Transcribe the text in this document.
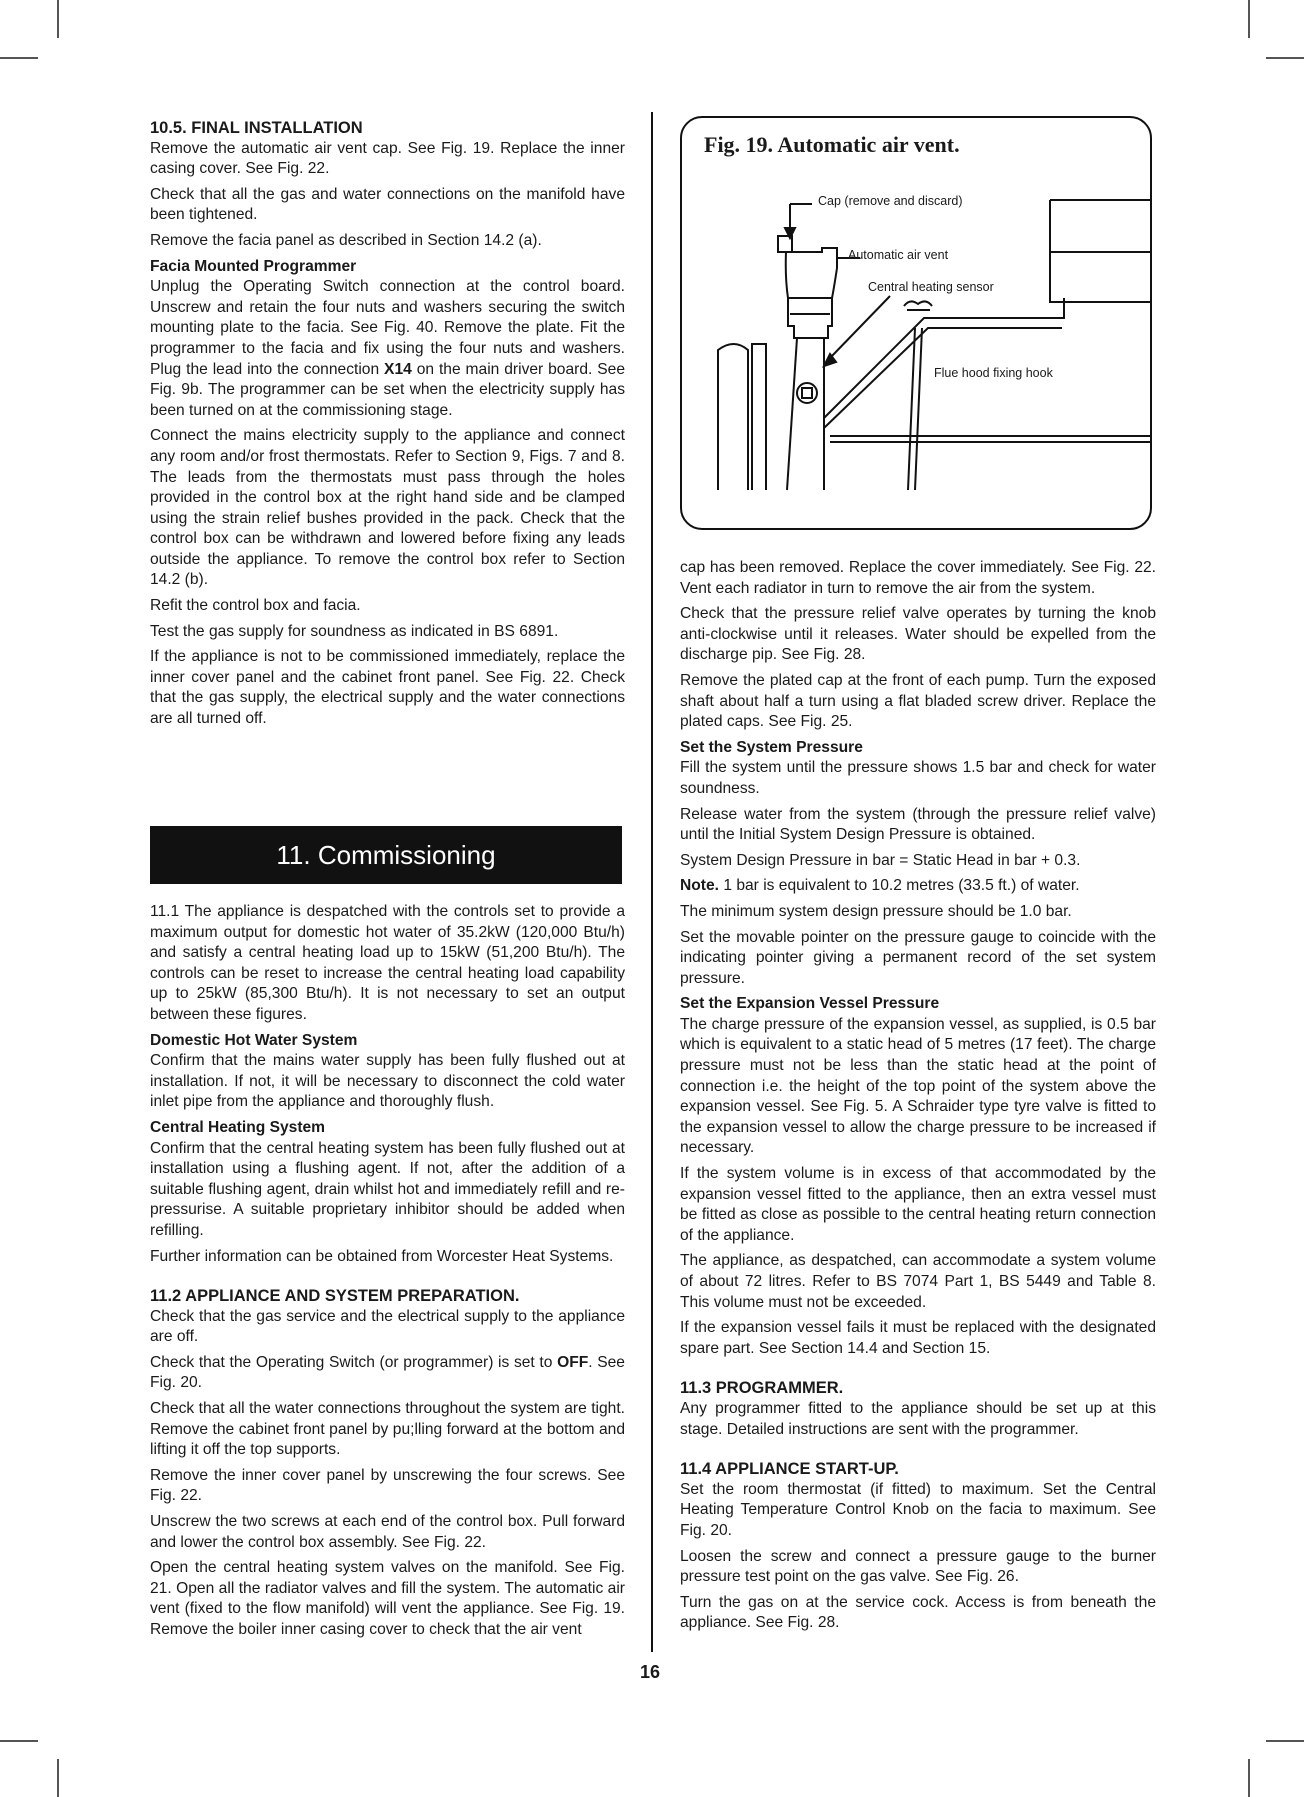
10.5. FINAL INSTALLATION

Remove the automatic air vent cap. See Fig. 19. Replace the inner casing cover. See Fig. 22.

Check that all the gas and water connections on the manifold have been tightened.

Remove the facia panel as described in Section 14.2 (a).

Facia Mounted Programmer

Unplug the Operating Switch connection at the control board. Unscrew and retain the four nuts and washers securing the switch mounting plate to the facia. See Fig. 40. Remove the plate. Fit the programmer to the facia and fix using the four nuts and washers. Plug the lead into the connection X14 on the main driver board. See Fig. 9b. The programmer can be set when the electricity supply has been turned on at the commissioning stage.

Connect the mains electricity supply to the appliance and connect any room and/or frost thermostats. Refer to Section 9, Figs. 7 and 8. The leads from the thermostats must pass through the holes provided in the control box at the right hand side and be clamped using the strain relief bushes provided in the pack. Check that the control box can be withdrawn and lowered before fixing any leads outside the appliance. To remove the control box refer to Section 14.2 (b).

Refit the control box and facia.

Test the gas supply for soundness as indicated in BS 6891.

If the appliance is not to be commissioned immediately, replace the inner cover panel and the cabinet front panel. See Fig. 22. Check that the gas supply, the electrical supply and the water connections are all turned off.

11. Commissioning

11.1 The appliance is despatched with the controls set to provide a maximum output for domestic hot water of 35.2kW (120,000 Btu/h) and satisfy a central heating load up to 15kW (51,200 Btu/h). The controls can be reset to increase the central heating load capability up to 25kW (85,300 Btu/h). It is not necessary to set an output between these figures.

Domestic Hot Water System

Confirm that the mains water supply has been fully flushed out at installation. If not, it will be necessary to disconnect the cold water inlet pipe from the appliance and thoroughly flush.

Central Heating System

Confirm that the central heating system has been fully flushed out at installation using a flushing agent. If not, after the addition of a suitable flushing agent, drain whilst hot and immediately refill and re-pressurise. A suitable proprietary inhibitor should be added when refilling.

Further information can be obtained from Worcester Heat Systems.

11.2 APPLIANCE AND SYSTEM PREPARATION.

Check that the gas service and the electrical supply to the appliance are off.

Check that the Operating Switch (or programmer) is set to OFF. See Fig. 20.

Check that all the water connections throughout the system are tight. Remove the cabinet front panel by pu;lling forward at the bottom and lifting it off the top supports.

Remove the inner cover panel by unscrewing the four screws. See Fig. 22.

Unscrew the two screws at each end of the control box. Pull forward and lower the control box assembly. See Fig. 22.

Open the central heating system valves on the manifold. See Fig. 21. Open all the radiator valves and fill the system. The automatic air vent (fixed to the flow manifold) will vent the appliance. See Fig. 19. Remove the boiler inner casing cover to check that the air vent

Fig. 19. Automatic air vent.
Cap (remove and discard)
Automatic air vent
Central heating sensor
Flue hood fixing hook

cap has been removed. Replace the cover immediately. See Fig. 22. Vent each radiator in turn to remove the air from the system.

Check that the pressure relief valve operates by turning the knob anti-clockwise until it releases. Water should be expelled from the discharge pip. See Fig. 28.

Remove the plated cap at the front of each pump. Turn the exposed shaft about half a turn using a flat bladed screw driver. Replace the plated caps. See Fig. 25.

Set the System Pressure

Fill the system until the pressure shows 1.5 bar and check for water soundness.

Release water from the system (through the pressure relief valve) until the Initial System Design Pressure is obtained.

System Design Pressure in bar = Static Head in bar + 0.3.

Note. 1 bar is equivalent to 10.2 metres (33.5 ft.) of water.

The minimum system design pressure should be 1.0 bar.

Set the movable pointer on the pressure gauge to coincide with the indicating pointer giving a permanent record of the set system pressure.

Set the Expansion Vessel Pressure

The charge pressure of the expansion vessel, as supplied, is 0.5 bar which is equivalent to a static head of 5 metres (17 feet). The charge pressure must not be less than the static head at the point of connection i.e. the height of the top point of the system above the expansion vessel. See Fig. 5. A Schraider type tyre valve is fitted to the expansion vessel to allow the charge pressure to be increased if necessary.

If the system volume is in excess of that accommodated by the expansion vessel fitted to the appliance, then an extra vessel must be fitted as close as possible to the central heating return connection of the appliance.

The appliance, as despatched, can accommodate a system volume of about 72 litres. Refer to BS 7074 Part 1, BS 5449 and Table 8. This volume must not be exceeded.

If the expansion vessel fails it must be replaced with the designated spare part. See Section 14.4 and Section 15.

11.3 PROGRAMMER.

Any programmer fitted to the appliance should be set up at this stage. Detailed instructions are sent with the programmer.

11.4 APPLIANCE START-UP.

Set the room thermostat (if fitted) to maximum. Set the Central Heating Temperature Control Knob on the facia to maximum. See Fig. 20.

Loosen the screw and connect a pressure gauge to the burner pressure test point on the gas valve. See Fig. 26.

Turn the gas on at the service cock. Access is from beneath the appliance. See Fig. 28.

16
